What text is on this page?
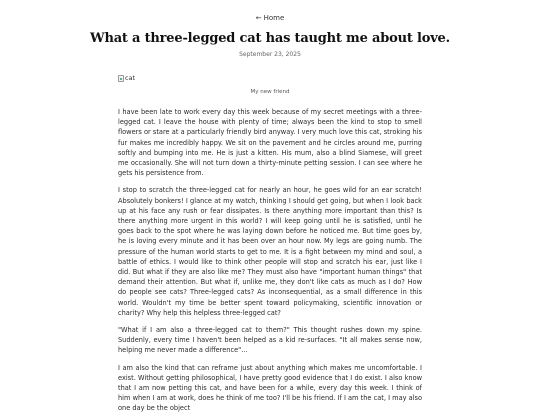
← Home
What a three-legged cat has taught me about love.
September 23, 2025
cat
My new friend

I have been late to work every day this week because of my secret meetings with a three-legged cat. I leave the house with plenty of time; always been the kind to stop to smell flowers or stare at a particularly friendly bird anyway. I very much love this cat, stroking his fur makes me incredibly happy. We sit on the pavement and he circles around me, purring softly and bumping into me. He is just a kitten. His mum, also a blind Siamese, will greet me occasionally. She will not turn down a thirty-minute petting session. I can see where he gets his persistence from.

I stop to scratch the three-legged cat for nearly an hour, he goes wild for an ear scratch! Absolutely bonkers! I glance at my watch, thinking I should get going, but when I look back up at his face any rush or fear dissipates. Is there anything more important than this? Is there anything more urgent in this world? I will keep going until he is satisfied, until he goes back to the spot where he was laying down before he noticed me. But time goes by, he is loving every minute and it has been over an hour now. My legs are going numb. The pressure of the human world starts to get to me. It is a fight between my mind and soul, a battle of ethics. I would like to think other people will stop and scratch his ear, just like I did. But what if they are also like me? They must also have "important human things" that demand their attention. But what if, unlike me, they don't like cats as much as I do? How do people see cats? Three-legged cats? As inconsequential, as a small difference in this world. Wouldn't my time be better spent toward policymaking, scientific innovation or charity? Why help this helpless three-legged cat?

"What if I am also a three-legged cat to them?" This thought rushes down my spine. Suddenly, every time I haven't been helped as a kid re-surfaces. "It all makes sense now, helping me never made a difference"...

I am also the kind that can reframe just about anything which makes me uncomfortable. I exist. Without getting philosophical, I have pretty good evidence that I do exist. I also know that I am now petting this cat, and have been for a while, every day this week. I think of him when I am at work, does he think of me too? I'll be his friend. If I am the cat, I may also one day be the object
